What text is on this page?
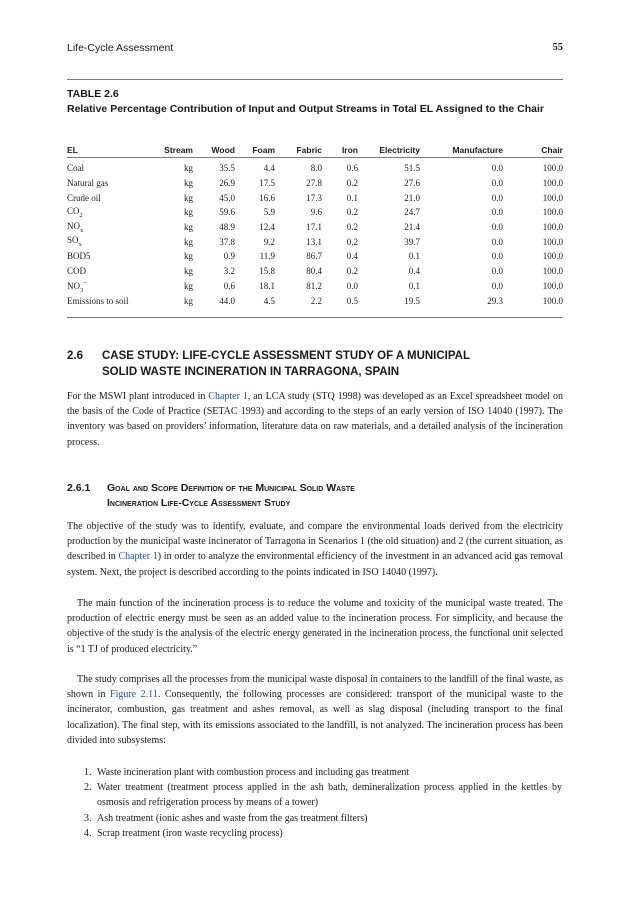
Life-Cycle Assessment	55
TABLE 2.6
Relative Percentage Contribution of Input and Output Streams in Total EL Assigned to the Chair
EL	Stream	Wood	Foam	Fabric	Iron	Electricity	Manufacture	Chair
Coal	kg	35.5	4.4	8.0	0.6	51.5	0.0	100.0
Natural gas	kg	26.9	17.5	27.8	0.2	27.6	0.0	100.0
Crude oil	kg	45.0	16.6	17.3	0.1	21.0	0.0	100.0
$CO_2$	kg	59.6	5.9	9.6	0.2	24.7	0.0	100.0
$NO_x$	kg	48.9	12.4	17.1	0.2	21.4	0.0	100.0
$SO_x$	kg	37.8	9.2	13.1	0.2	39.7	0.0	100.0
BOD5	kg	0.9	11.9	86.7	0.4	0.1	0.0	100.0
COD	kg	3.2	15.8	80.4	0.2	0.4	0.0	100.0
$NO_3^-$	kg	0.6	18.1	81.2	0.0	0.1	0.0	100.0
Emissions to soil	kg	44.0	4.5	2.2	0.5	19.5	29.3	100.0
2.6 CASE STUDY: LIFE-CYCLE ASSESSMENT STUDY OF A MUNICIPAL
SOLID WASTE INCINERATION IN TARRAGONA, SPAIN

For the MSWI plant introduced in Chapter 1, an LCA study (STQ 1998) was developed as an Excel spreadsheet model on the basis of the Code of Practice (SETAC 1993) and according to the steps of an early version of ISO 14040 (1997). The inventory was based on providers’ information, literature data on raw materials, and a detailed analysis of the incineration process.

2.6.1 Goal and Scope Definition of the Municipal Solid Waste
Incineration Life-Cycle Assessment Study

The objective of the study was to identify, evaluate, and compare the environmental loads derived from the electricity production by the municipal waste incinerator of Tarragona in Scenarios 1 (the old situation) and 2 (the current situation, as described in Chapter 1) in order to analyze the environmental efficiency of the investment in an advanced acid gas removal system. Next, the project is described according to the points indicated in ISO 14040 (1997).

The main function of the incineration process is to reduce the volume and toxicity of the municipal waste treated. The production of electric energy must be seen as an added value to the incineration process. For simplicity, and because the objective of the study is the analysis of the electric energy generated in the incineration process, the functional unit selected is “1 TJ of produced electricity.”

The study comprises all the processes from the municipal waste disposal in containers to the landfill of the final waste, as shown in Figure 2.11. Consequently, the following processes are considered: transport of the municipal waste to the incinerator, combustion, gas treatment and ashes removal, as well as slag disposal (including transport to the final localization). The final step, with its emissions associated to the landfill, is not analyzed. The incineration process has been divided into subsystems:

1. Waste incineration plant with combustion process and including gas treatment
2. Water treatment (treatment process applied in the ash bath, demineralization process applied in the kettles by osmosis and refrigeration process by means of a tower)
3. Ash treatment (ionic ashes and waste from the gas treatment filters)
4. Scrap treatment (iron waste recycling process)
